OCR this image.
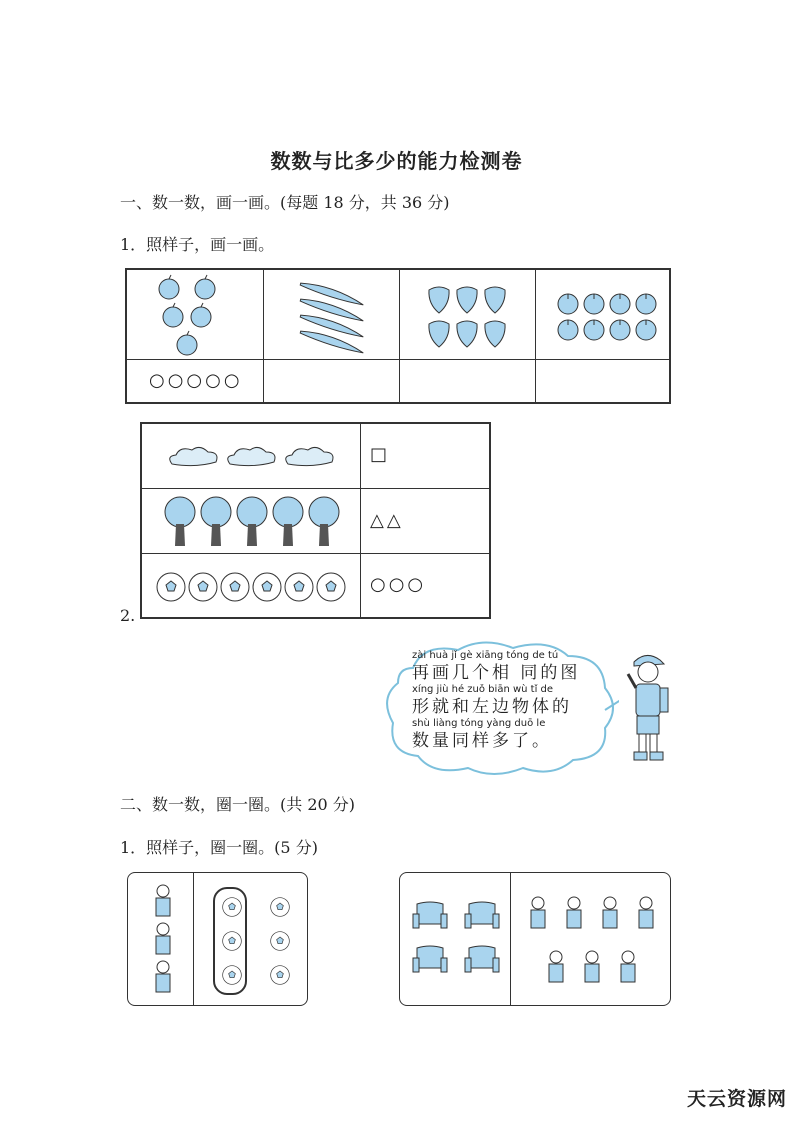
数数与比多少的能力检测卷
一、数一数，画一画。(每题 18 分，共 36 分)
1．照样子，画一画。
○○○○○
2.
□
△△
○○○
zài huà jǐ gè xiāng tóng de tú
再画几个相 同的图
xíng jiù hé zuǒ biān wù tǐ de
形就和左边物体的
shù liàng tóng yàng duō le
数量同样多了。
二、数一数，圈一圈。(共 20 分)
1．照样子，圈一圈。(5 分)
天云资源网
